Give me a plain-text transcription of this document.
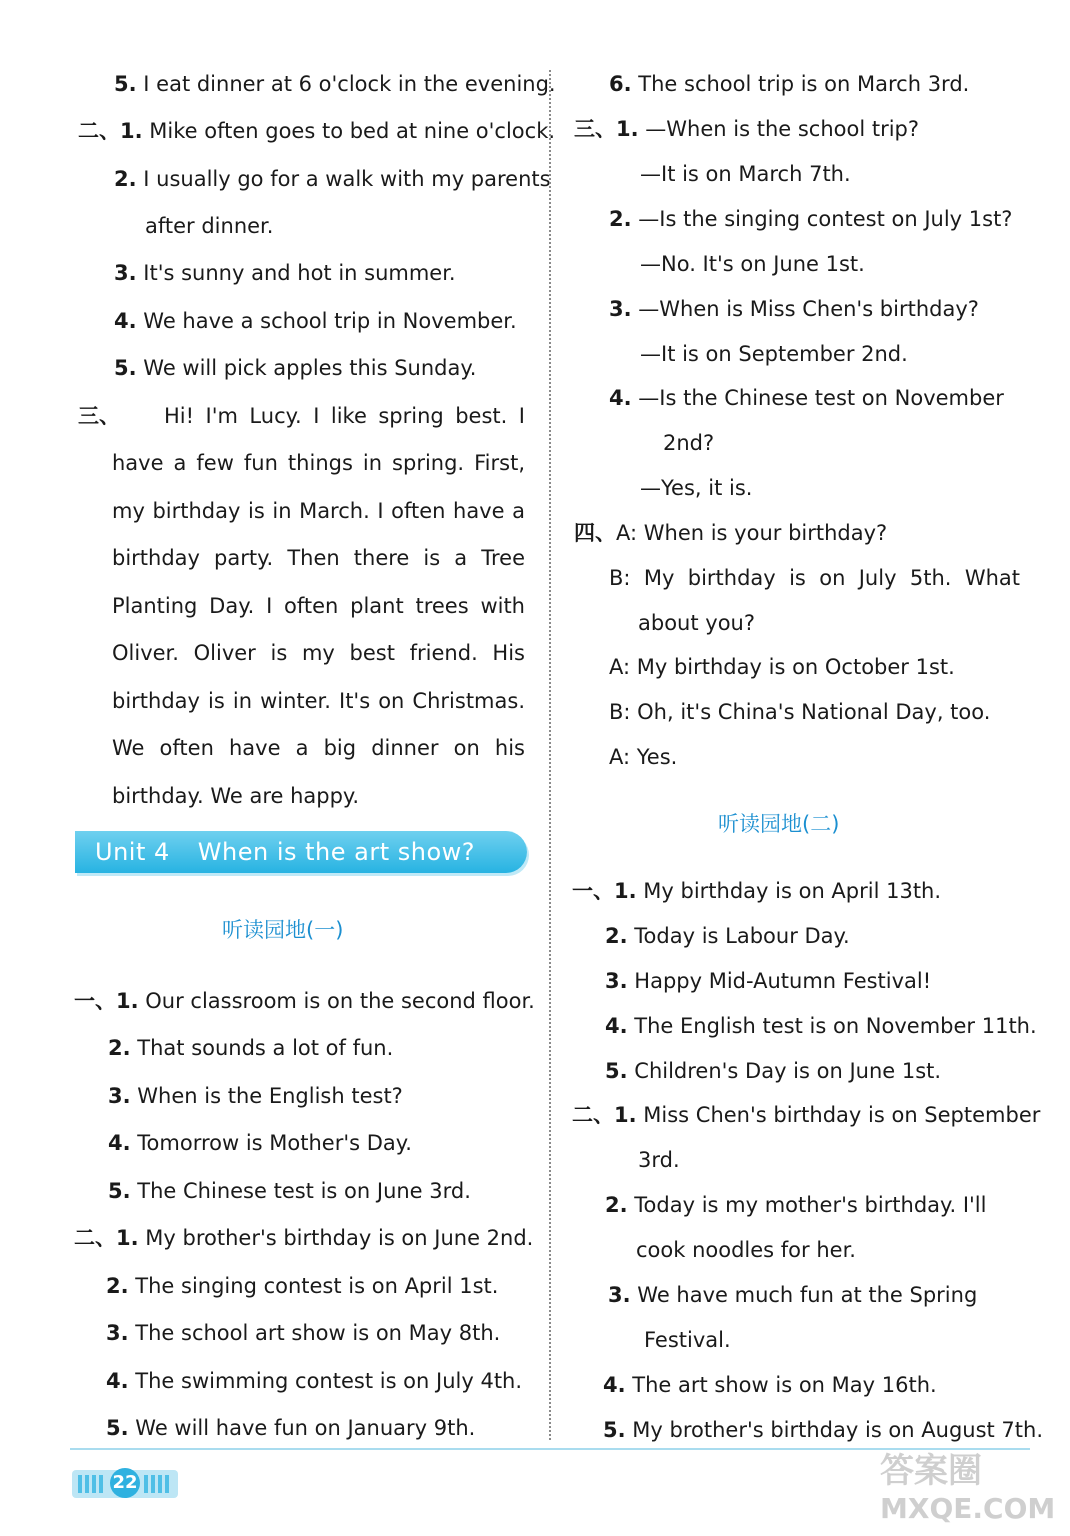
5. I eat dinner at 6 o'clock in the evening.
二、1. Mike often goes to bed at nine o'clock.
2. I usually go for a walk with my parents
after dinner.
3. It's sunny and hot in summer.
4. We have a school trip in November.
5. We will pick apples this Sunday.
三、 Hi! I'm Lucy. I like spring best. I
have a few fun things in spring. First,
my birthday is in March. I often have a
birthday party. Then there is a Tree
Planting Day. I often plant trees with
Oliver. Oliver is my best friend. His
birthday is in winter. It's on Christmas.
We often have a big dinner on his
birthday. We are happy.
Unit 4 When is the art show?
听读园地(一)
一、1. Our classroom is on the second floor.
2. That sounds a lot of fun.
3. When is the English test?
4. Tomorrow is Mother's Day.
5. The Chinese test is on June 3rd.
二、1. My brother's birthday is on June 2nd.
2. The singing contest is on April 1st.
3. The school art show is on May 8th.
4. The swimming contest is on July 4th.
5. We will have fun on January 9th.
6. The school trip is on March 3rd.
三、1. —When is the school trip?
—It is on March 7th.
2. —Is the singing contest on July 1st?
—No. It's on June 1st.
3. —When is Miss Chen's birthday?
—It is on September 2nd.
4. —Is the Chinese test on November
2nd?
—Yes, it is.
四、A: When is your birthday?
B: My birthday is on July 5th. What
about you?
A: My birthday is on October 1st.
B: Oh, it's China's National Day, too.
A: Yes.
听读园地(二)
一、1. My birthday is on April 13th.
2. Today is Labour Day.
3. Happy Mid-Autumn Festival!
4. The English test is on November 11th.
5. Children's Day is on June 1st.
二、1. Miss Chen's birthday is on September
3rd.
2. Today is my mother's birthday. I'll
cook noodles for her.
3. We have much fun at the Spring
Festival.
4. The art show is on May 16th.
5. My brother's birthday is on August 7th.
22	答案圈
MXQE.COM
